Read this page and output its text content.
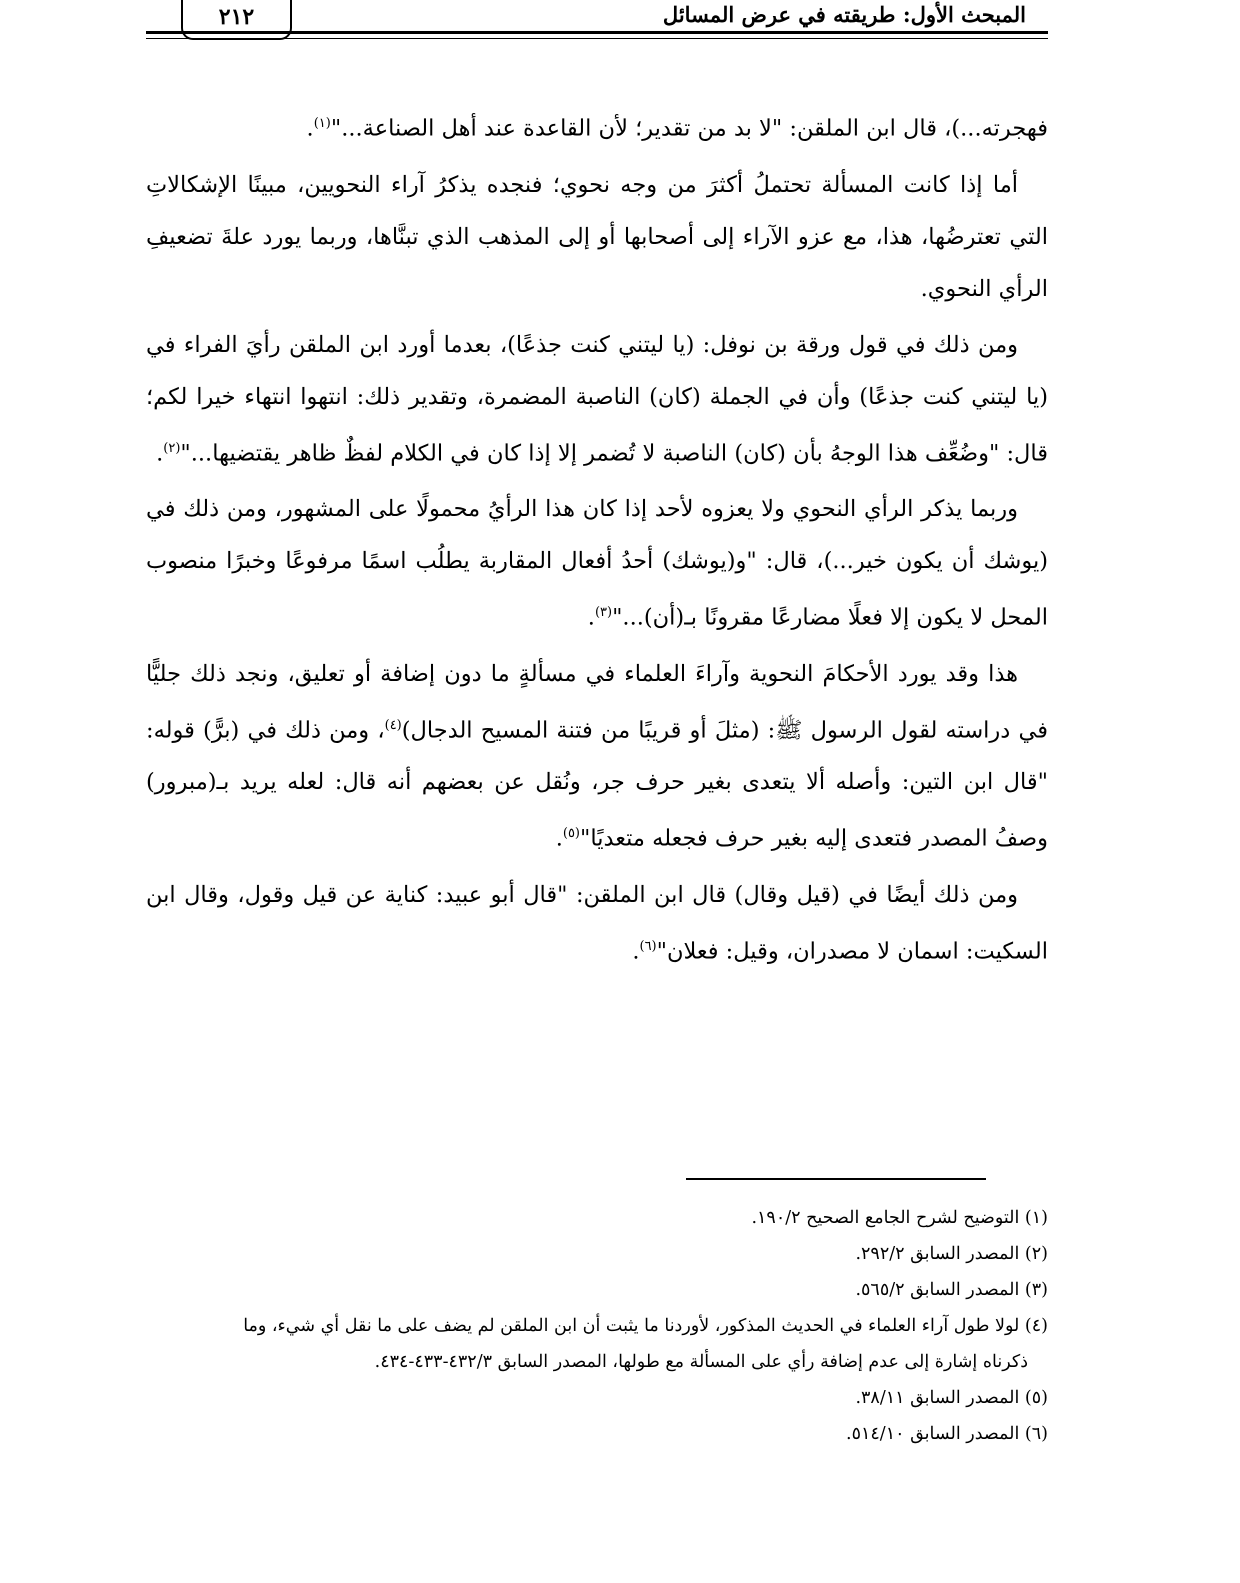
المبحث الأول: طريقته في عرض المسائل
٢١٢

فهجرته...)، قال ابن الملقن: "لا بد من تقدير؛ لأن القاعدة عند أهل الصناعة..."$^{(١)}$.

أما إذا كانت المسألة تحتملُ أكثرَ من وجه نحوي؛ فنجده يذكرُ آراء النحويين، مبينًا الإشكالاتِ التي تعترضُها، هذا، مع عزو الآراء إلى أصحابها أو إلى المذهب الذي تبنَّاها، وربما يورد علةَ تضعيفِ الرأي النحوي.

ومن ذلك في قول ورقة بن نوفل: (يا ليتني كنت جذعًا)، بعدما أورد ابن الملقن رأيَ الفراء في (يا ليتني كنت جذعًا) وأن في الجملة (كان) الناصبة المضمرة، وتقدير ذلك: انتهوا انتهاء خيرا لكم؛ قال: "وضُعِّف هذا الوجهُ بأن (كان) الناصبة لا تُضمر إلا إذا كان في الكلام لفظٌ ظاهر يقتضيها..."$^{(٢)}$.

وربما يذكر الرأي النحوي ولا يعزوه لأحد إذا كان هذا الرأيُ محمولًا على المشهور، ومن ذلك في (يوشك أن يكون خير...)، قال: "و(يوشك) أحدُ أفعال المقاربة يطلُب اسمًا مرفوعًا وخبرًا منصوب المحل لا يكون إلا فعلًا مضارعًا مقرونًا بـ(أن)..."$^{(٣)}$.

هذا وقد يورد الأحكامَ النحوية وآراءَ العلماء في مسألةٍ ما دون إضافة أو تعليق، ونجد ذلك جليًّا في دراسته لقول الرسول ﷺ: (مثلَ أو قريبًا من فتنة المسيح الدجال)$^{(٤)}$، ومن ذلك في (برًّ) قوله: "قال ابن التين: وأصله ألا يتعدى بغير حرف جر، ونُقل عن بعضهم أنه قال: لعله يريد بـ(مبرور) وصفُ المصدر فتعدى إليه بغير حرف فجعله متعديًا"$^{(٥)}$.

ومن ذلك أيضًا في (قيل وقال) قال ابن الملقن: "قال أبو عبيد: كناية عن قيل وقول، وقال ابن السكيت: اسمان لا مصدران، وقيل: فعلان"$^{(٦)}$.

(١) التوضيح لشرح الجامع الصحيح ١٩٠/٢.

(٢) المصدر السابق ٢٩٢/٢.

(٣) المصدر السابق ٥٦٥/٢.

(٤) لولا طول آراء العلماء في الحديث المذكور، لأوردنا ما يثبت أن ابن الملقن لم يضف على ما نقل أي شيء، وما
ذكرناه إشارة إلى عدم إضافة رأي على المسألة مع طولها، المصدر السابق ٤٣٢/٣-٤٣٣-٤٣٤.

(٥) المصدر السابق ٣٨/١١.

(٦) المصدر السابق ٥١٤/١٠.
